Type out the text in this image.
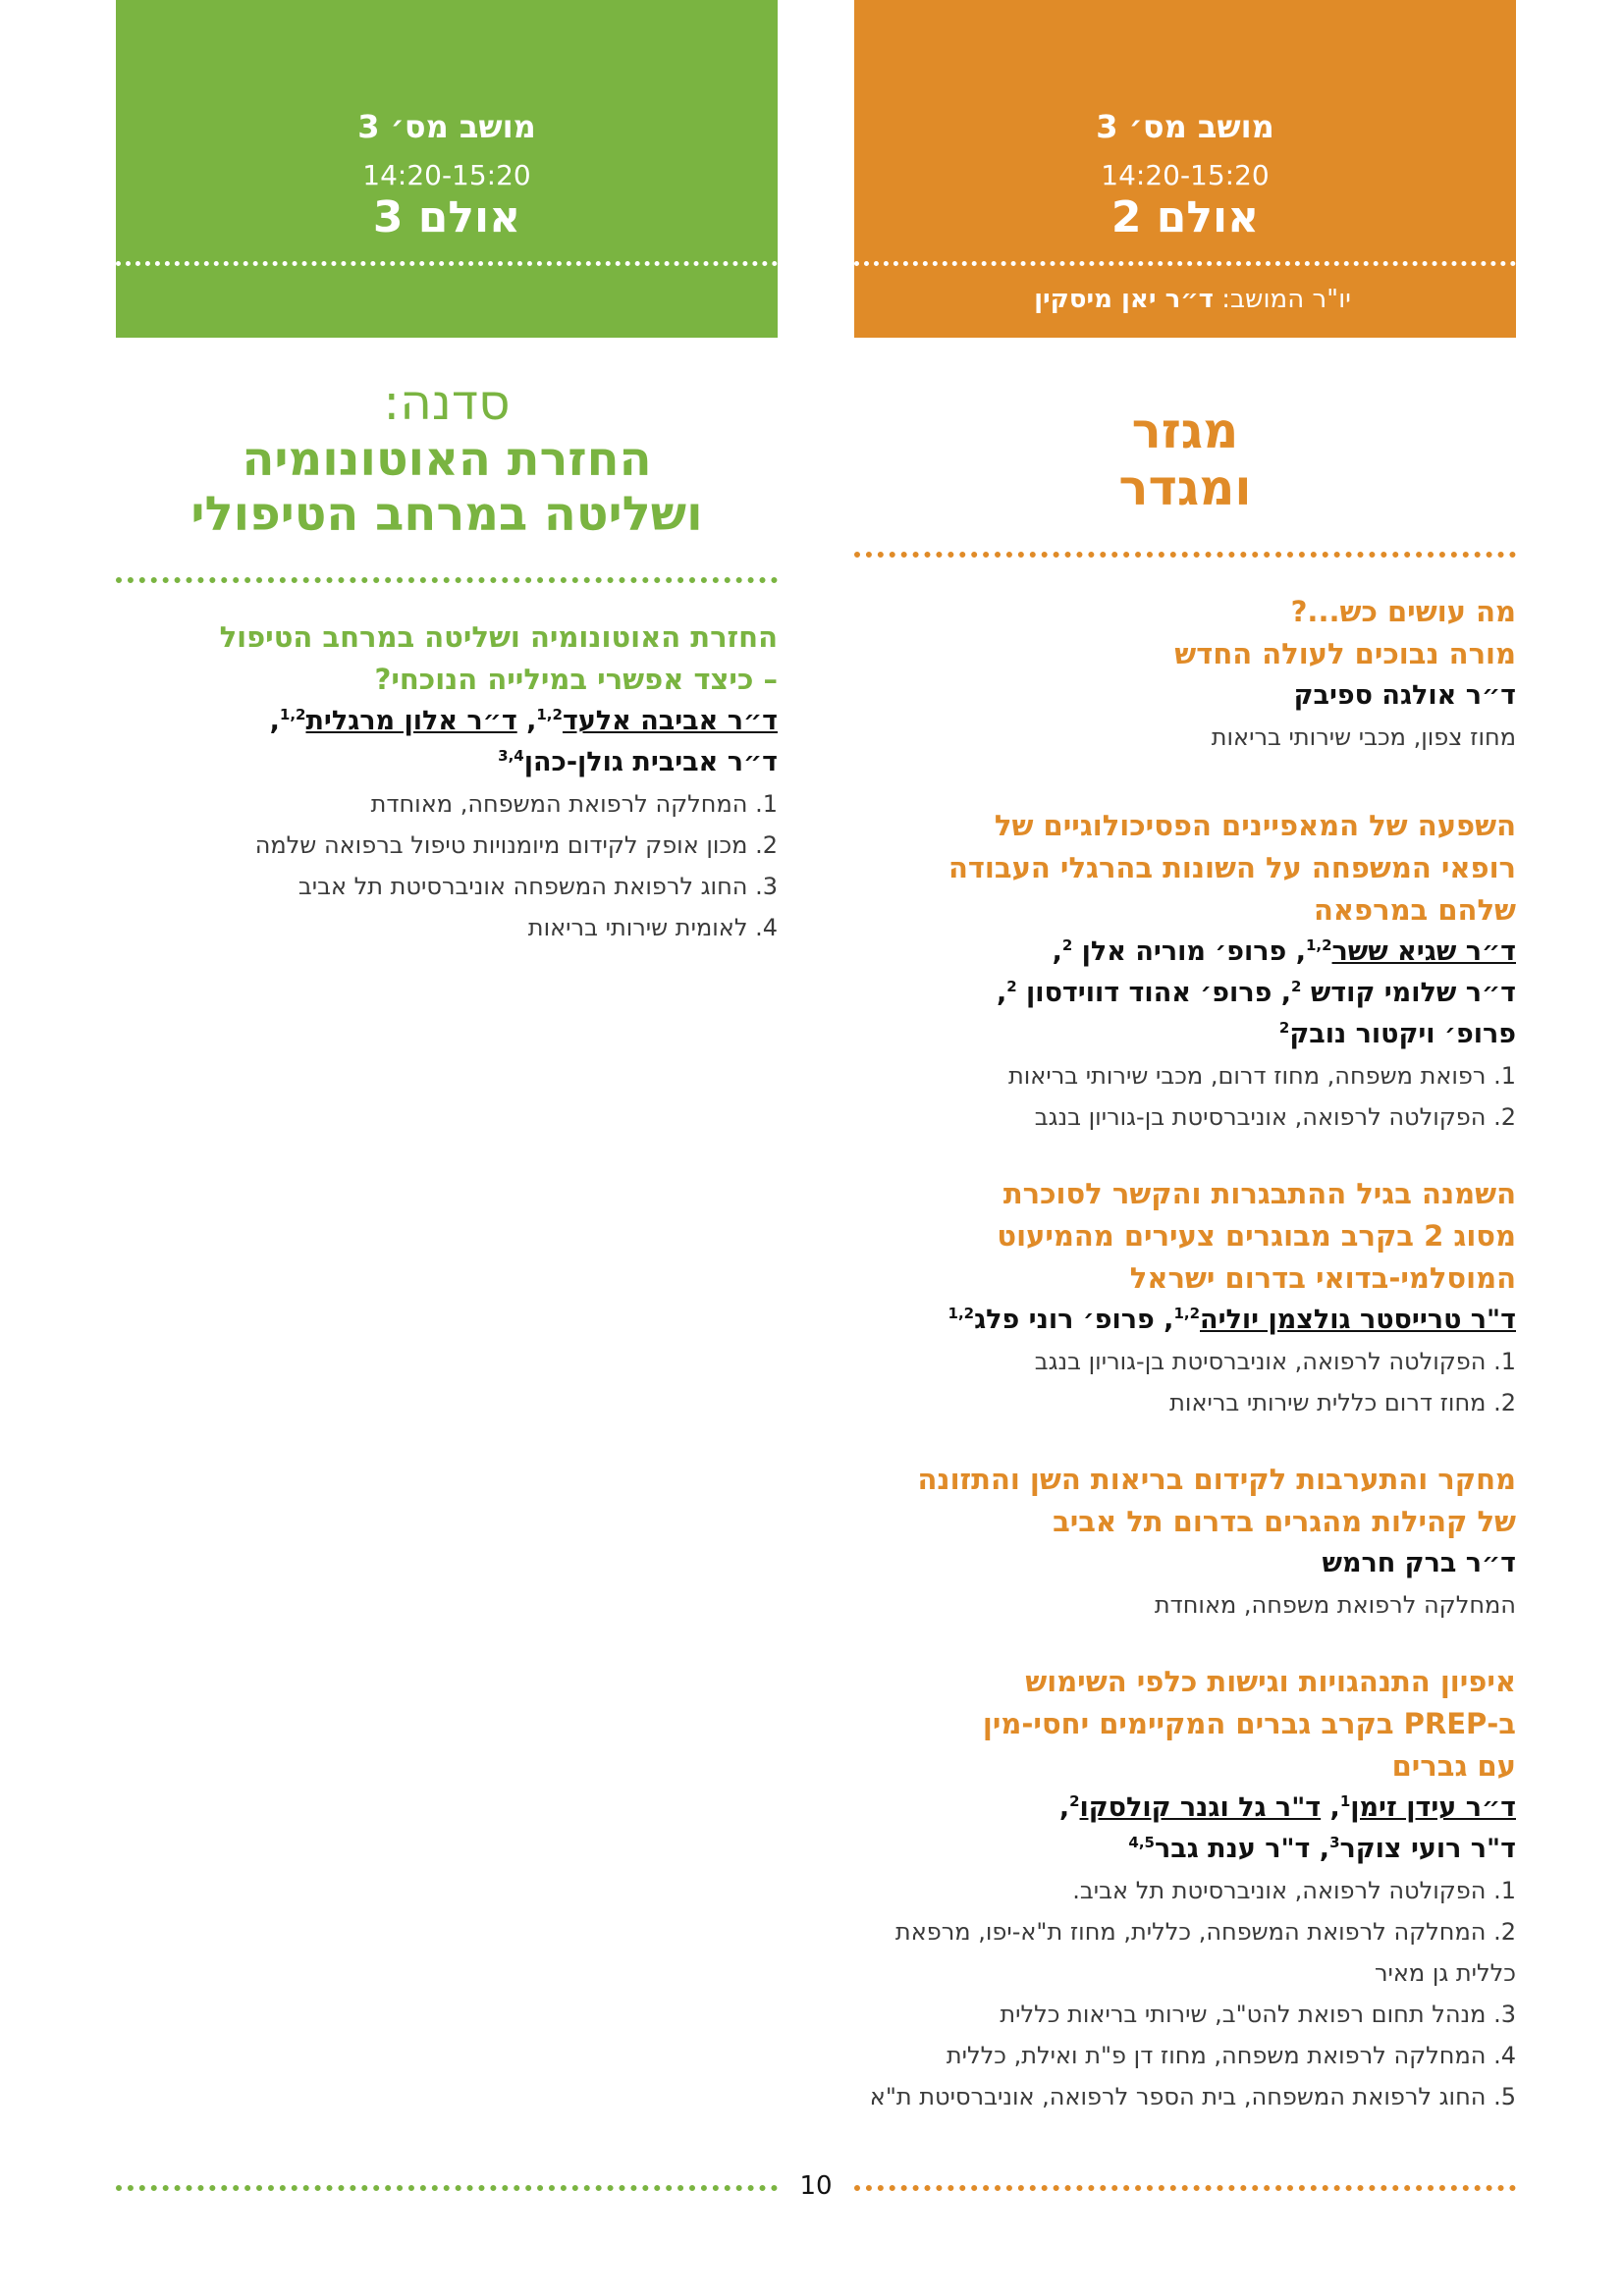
מושב מס׳ 3
14:20-15:20
אולם 2
יו"ר המושב: ד״ר יאן מיסקין
מגזר
ומגדר
מה עושים כש...?
מורה נבוכים לעולה החדש
ד״ר אולגה ספיבק
מחוז צפון, מכבי שירותי בריאות
השפעה של המאפיינים הפסיכולוגיים של
רופאי המשפחה על השונות בהרגלי העבודה
שלהם במרפאה
ד״ר שגיא ששר$^{1,2}$, פרופ׳ מוריה אלן $^2$,
ד״ר שלומי קודש $^2$, פרופ׳ אהוד דווידסון $^2$,
פרופ׳ ויקטור נובק$^2$
1. רפואת משפחה, מחוז דרום, מכבי שירותי בריאות
2. הפקולטה לרפואה, אוניברסיטת בן-גוריון בנגב
השמנה בגיל ההתבגרות והקשר לסוכרת
מסוג 2 בקרב מבוגרים צעירים מהמיעוט
המוסלמי-בדואי בדרום ישראל
ד"ר טרייסטר גולצמן יוליה$^{1,2}$, פרופ׳ רוני פלג$^{1,2}$
1. הפקולטה לרפואה, אוניברסיטת בן-גוריון בנגב
2. מחוז דרום כללית שירותי בריאות
מחקר והתערבות לקידום בריאות השן והתזונה
של קהילות מהגרים בדרום תל אביב
ד״ר ברק חרמש
המחלקה לרפואת משפחה, מאוחדת
איפיון התנהגויות וגישות כלפי השימוש
ב-PREP בקרב גברים המקיימים יחסי-מין
עם גברים
ד״ר עידן זימן$^1$, ד"ר גל וגנר קולסקו$^2$,
ד"ר רועי צוקר$^3$, ד"ר ענת גבר$^{4,5}$
1. הפקולטה לרפואה, אוניברסיטת תל אביב.
2. המחלקה לרפואת המשפחה, כללית, מחוז ת"א-יפו, מרפאת
כללית גן מאיר
3. מנהל תחום רפואת להט"ב, שירותי בריאות כללית
4. המחלקה לרפואת משפחה, מחוז דן פ"ת ואילת, כללית
5. החוג לרפואת המשפחה, בית הספר לרפואה, אוניברסיטת ת"א
מושב מס׳ 3
14:20-15:20
אולם 3
סדנה:
החזרת האוטונומיה
ושליטה במרחב הטיפולי
החזרת האוטונומיה ושליטה במרחב הטיפול
– כיצד אפשרי במילייה הנוכחי?
ד״ר אביבה אלעד$^{1,2}$, ד״ר אלון מרגלית$^{1,2}$,
ד״ר אביבית גולן-כהן$^{3,4}$
1. המחלקה לרפואת המשפחה, מאוחדת
2. מכון אופק לקידום מיומנויות טיפול ברפואה שלמה
3. החוג לרפואת המשפחה אוניברסיטת תל אביב
4. לאומית שירותי בריאות
10
